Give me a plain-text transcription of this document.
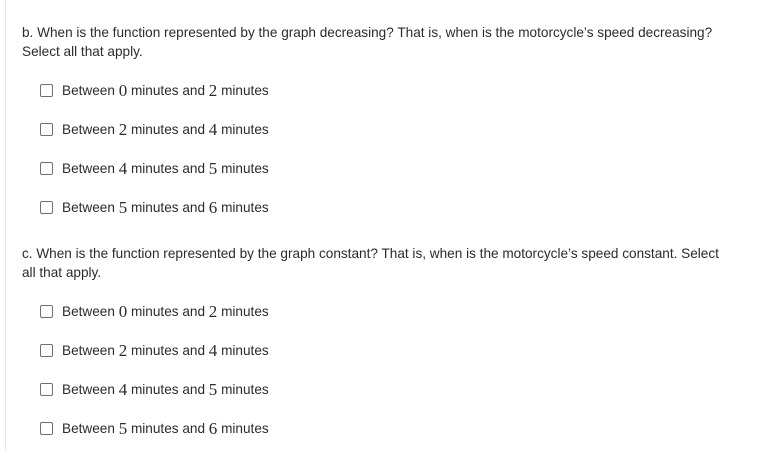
b. When is the function represented by the graph decreasing? That is, when is the motorcycle’s speed decreasing?
Select all that apply.
Between 0 minutes and 2 minutes
Between 2 minutes and 4 minutes
Between 4 minutes and 5 minutes
Between 5 minutes and 6 minutes
c. When is the function represented by the graph constant? That is, when is the motorcycle’s speed constant. Select
all that apply.
Between 0 minutes and 2 minutes
Between 2 minutes and 4 minutes
Between 4 minutes and 5 minutes
Between 5 minutes and 6 minutes
